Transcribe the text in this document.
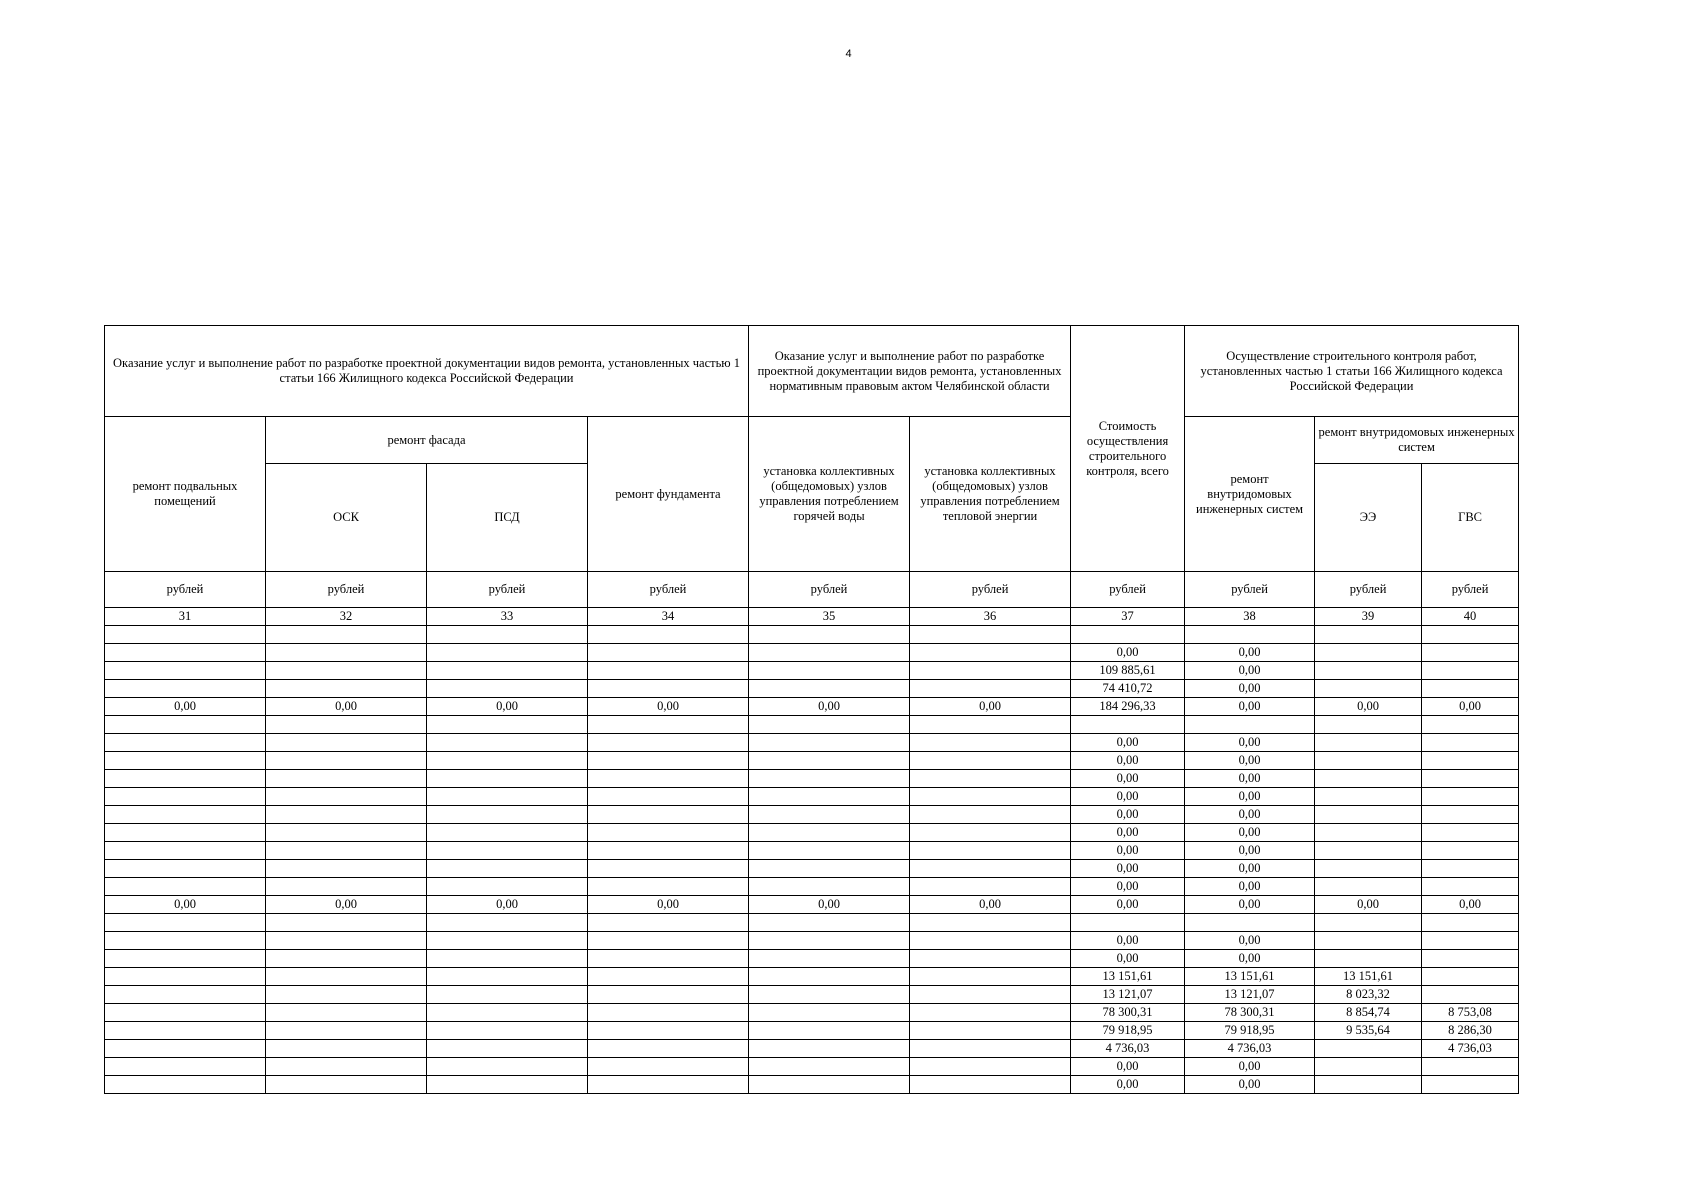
4
Оказание услуг и выполнение работ по разработке проектной документации видов ремонта, установленных частью 1 статьи 166 Жилищного кодекса Российской Федерации				Оказание услуг и выполнение работ по разработке проектной документации видов ремонта, установленных нормативным правовым актом Челябинской области		Стоимость осуществления строительного контроля, всего	Осуществление строительного контроля работ, установленных частью 1 статьи 166 Жилищного кодекса Российской Федерации		
ремонт подвальных помещений	ремонт фасада		ремонт фундамента	установка коллективных (общедомовых) узлов управления потреблением горячей воды	установка коллективных (общедомовых) узлов управления потреблением тепловой энергии		ремонт внутридомовых инженерных систем	ремонт внутридомовых инженерных систем	
	ОСК	ПСД						ЭЭ	ГВС
рублей	рублей	рублей	рублей	рублей	рублей	рублей	рублей	рублей	рублей
31	32	33	34	35	36	37	38	39	40

						0,00	0,00		
						109 885,61	0,00		
						74 410,72	0,00		
0,00	0,00	0,00	0,00	0,00	0,00	184 296,33	0,00	0,00	0,00

						0,00	0,00		
						0,00	0,00		
						0,00	0,00		
						0,00	0,00		
						0,00	0,00		
						0,00	0,00		
						0,00	0,00		
						0,00	0,00		
						0,00	0,00		
0,00	0,00	0,00	0,00	0,00	0,00	0,00	0,00	0,00	0,00

						0,00	0,00		
						0,00	0,00		
						13 151,61	13 151,61	13 151,61	
						13 121,07	13 121,07	8 023,32	
						78 300,31	78 300,31	8 854,74	8 753,08
						79 918,95	79 918,95	9 535,64	8 286,30
						4 736,03	4 736,03		4 736,03
						0,00	0,00		
						0,00	0,00		
